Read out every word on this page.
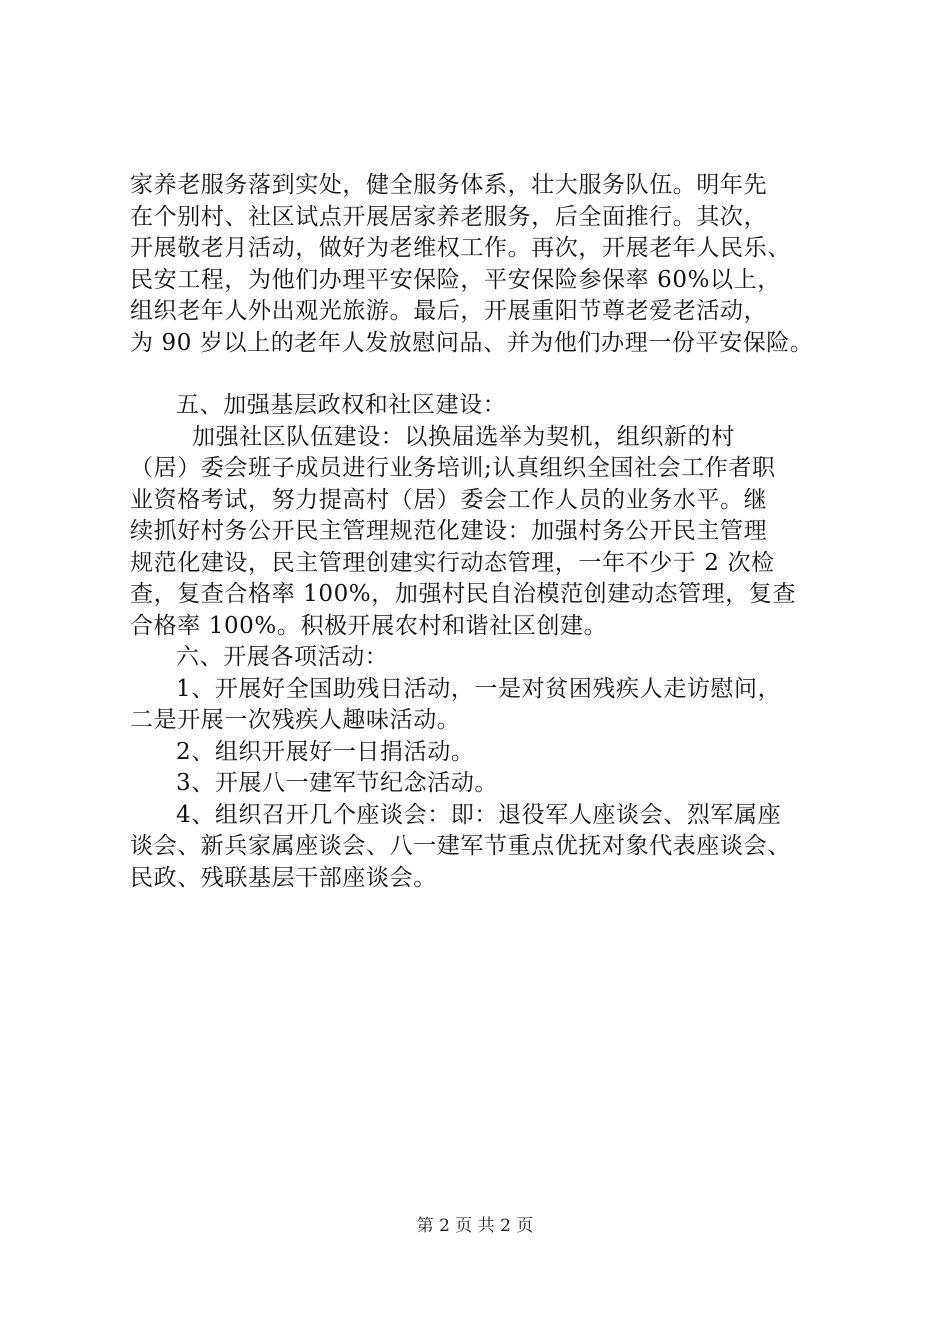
家养老服务落到实处，健全服务体系，壮大服务队伍。明年先
在个别村、社区试点开展居家养老服务，后全面推行。其次，
开展敬老月活动，做好为老维权工作。再次，开展老年人民乐、
民安工程，为他们办理平安保险，平安保险参保率 60%以上，
组织老年人外出观光旅游。最后，开展重阳节尊老爱老活动，
为 90 岁以上的老年人发放慰问品、并为他们办理一份平安保险。
五、加强基层政权和社区建设：
加强社区队伍建设：以换届选举为契机，组织新的村
（居）委会班子成员进行业务培训;认真组织全国社会工作者职
业资格考试，努力提高村（居）委会工作人员的业务水平。继
续抓好村务公开民主管理规范化建设：加强村务公开民主管理
规范化建设，民主管理创建实行动态管理，一年不少于 2 次检
查，复查合格率 100%，加强村民自治模范创建动态管理，复查
合格率 100%。积极开展农村和谐社区创建。
六、开展各项活动：
1、开展好全国助残日活动，一是对贫困残疾人走访慰问，
二是开展一次残疾人趣味活动。
2、组织开展好一日捐活动。
3、开展八一建军节纪念活动。
4、组织召开几个座谈会：即：退役军人座谈会、烈军属座
谈会、新兵家属座谈会、八一建军节重点优抚对象代表座谈会、
民政、残联基层干部座谈会。
第 2 页 共 2 页
